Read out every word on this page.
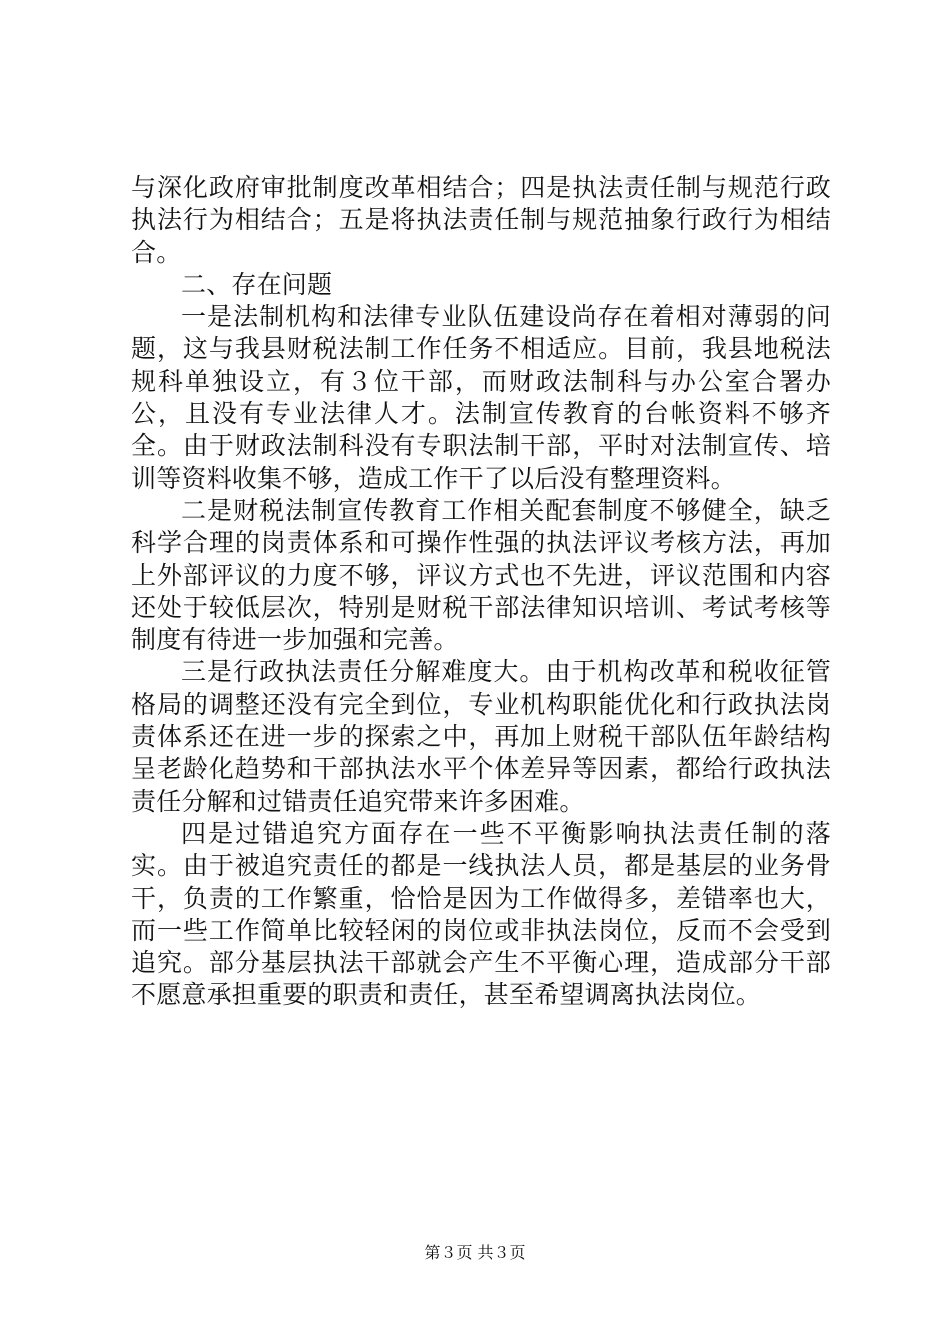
与深化政府审批制度改革相结合；四是执法责任制与规范行政执法行为相结合；五是将执法责任制与规范抽象行政行为相结合。

二、存在问题

一是法制机构和法律专业队伍建设尚存在着相对薄弱的问题，这与我县财税法制工作任务不相适应。目前，我县地税法规科单独设立，有３位干部，而财政法制科与办公室合署办公，且没有专业法律人才。法制宣传教育的台帐资料不够齐全。由于财政法制科没有专职法制干部，平时对法制宣传、培训等资料收集不够，造成工作干了以后没有整理资料。

二是财税法制宣传教育工作相关配套制度不够健全，缺乏科学合理的岗责体系和可操作性强的执法评议考核方法，再加上外部评议的力度不够，评议方式也不先进，评议范围和内容还处于较低层次，特别是财税干部法律知识培训、考试考核等制度有待进一步加强和完善。

三是行政执法责任分解难度大。由于机构改革和税收征管格局的调整还没有完全到位，专业机构职能优化和行政执法岗责体系还在进一步的探索之中，再加上财税干部队伍年龄结构呈老龄化趋势和干部执法水平个体差异等因素，都给行政执法责任分解和过错责任追究带来许多困难。

四是过错追究方面存在一些不平衡影响执法责任制的落实。由于被追究责任的都是一线执法人员，都是基层的业务骨干，负责的工作繁重，恰恰是因为工作做得多，差错率也大，而一些工作简单比较轻闲的岗位或非执法岗位，反而不会受到追究。部分基层执法干部就会产生不平衡心理，造成部分干部不愿意承担重要的职责和责任，甚至希望调离执法岗位。

第３页 共３页
